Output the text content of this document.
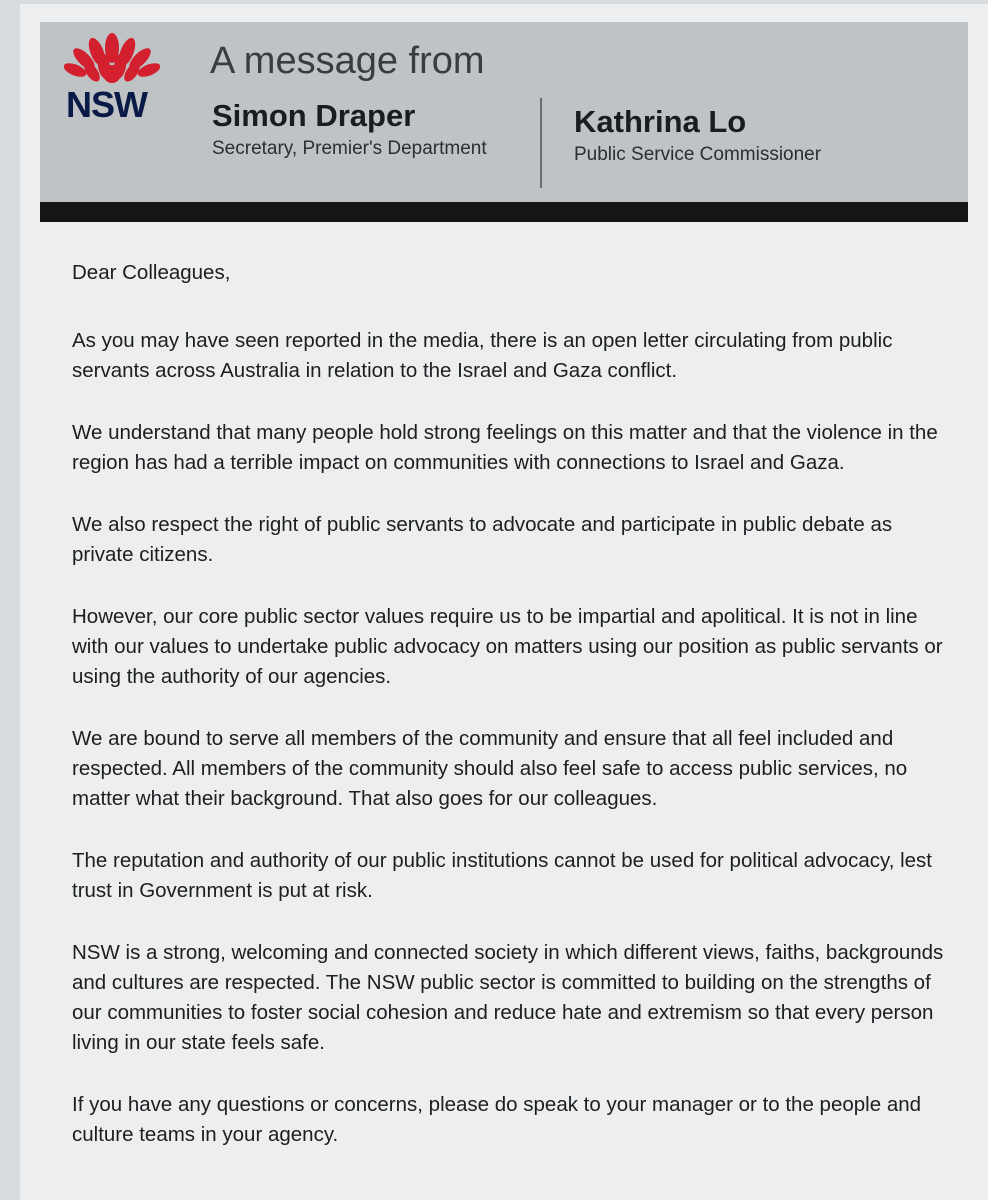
NSW
A message from
Simon Draper
Secretary, Premier's Department
Kathrina Lo
Public Service Commissioner

Dear Colleagues,

As you may have seen reported in the media, there is an open letter circulating from public servants across Australia in relation to the Israel and Gaza conflict.

We understand that many people hold strong feelings on this matter and that the violence in the region has had a terrible impact on communities with connections to Israel and Gaza.

We also respect the right of public servants to advocate and participate in public debate as private citizens.

However, our core public sector values require us to be impartial and apolitical. It is not in line with our values to undertake public advocacy on matters using our position as public servants or using the authority of our agencies.

We are bound to serve all members of the community and ensure that all feel included and respected. All members of the community should also feel safe to access public services, no matter what their background. That also goes for our colleagues.

The reputation and authority of our public institutions cannot be used for political advocacy, lest trust in Government is put at risk.

NSW is a strong, welcoming and connected society in which different views, faiths, backgrounds and cultures are respected. The NSW public sector is committed to building on the strengths of our communities to foster social cohesion and reduce hate and extremism so that every person living in our state feels safe.

If you have any questions or concerns, please do speak to your manager or to the people and culture teams in your agency.
